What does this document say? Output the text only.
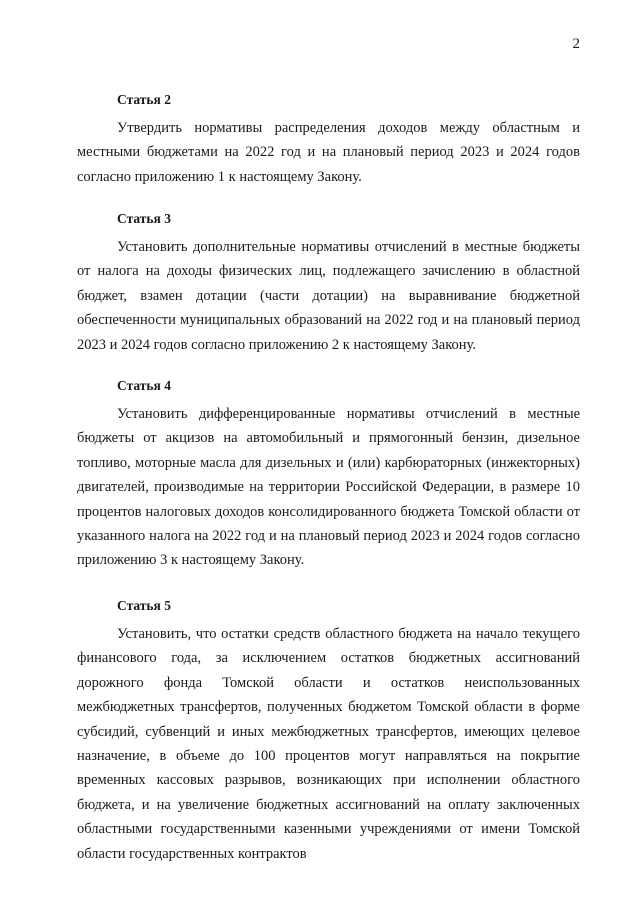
2

Статья 2

Утвердить нормативы распределения доходов между областным и местными бюджетами на 2022 год и на плановый период 2023 и 2024 годов согласно приложению 1 к настоящему Закону.

Статья 3

Установить дополнительные нормативы отчислений в местные бюджеты от налога на доходы физических лиц, подлежащего зачислению в областной бюджет, взамен дотации (части дотации) на выравнивание бюджетной обеспеченности муниципальных образований на 2022 год и на плановый период 2023 и 2024 годов согласно приложению 2 к настоящему Закону.

Статья 4

Установить дифференцированные нормативы отчислений в местные бюджеты от акцизов на автомобильный и прямогонный бензин, дизельное топливо, моторные масла для дизельных и (или) карбюраторных (инжекторных) двигателей, производимые на территории Российской Федерации, в размере 10 процентов налоговых доходов консолидированного бюджета Томской области от указанного налога на 2022 год и на плановый период 2023 и 2024 годов согласно приложению 3 к настоящему Закону.

Статья 5

Установить, что остатки средств областного бюджета на начало текущего финансового года, за исключением остатков бюджетных ассигнований дорожного фонда Томской области и остатков неиспользованных межбюджетных трансфертов, полученных бюджетом Томской области в форме субсидий, субвенций и иных межбюджетных трансфертов, имеющих целевое назначение, в объеме до 100 процентов могут направляться на покрытие временных кассовых разрывов, возникающих при исполнении областного бюджета, и на увеличение бюджетных ассигнований на оплату заключенных областными государственными казенными учреждениями от имени Томской области государственных контрактов
